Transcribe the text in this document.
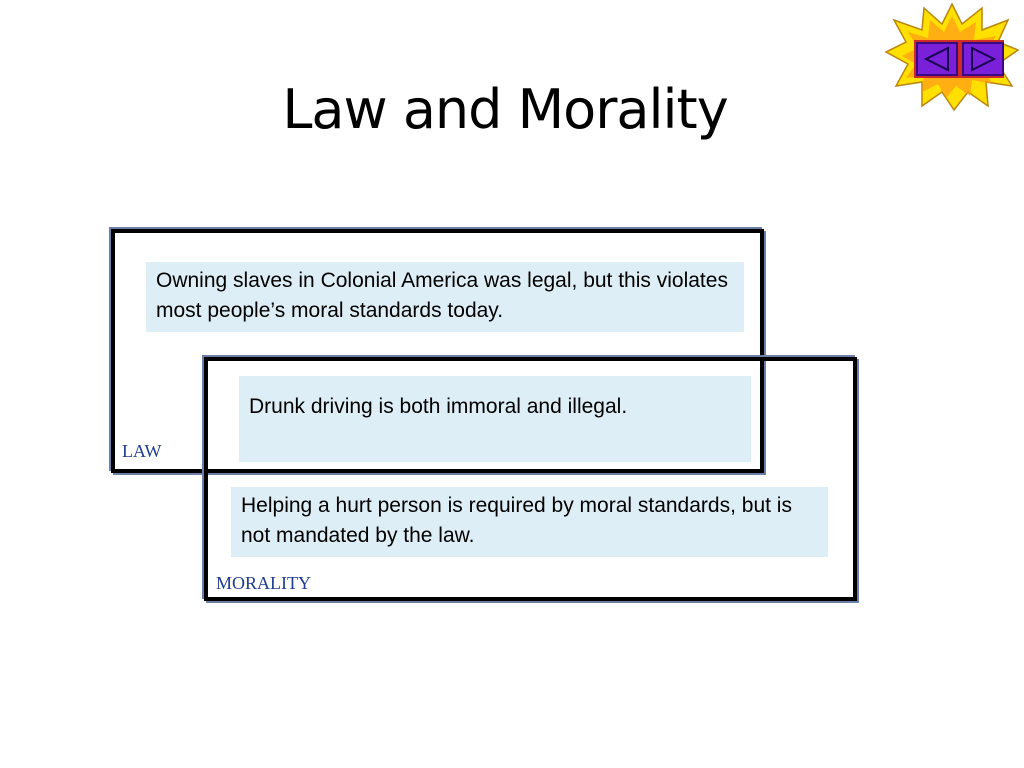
Law and Morality
Owning slaves in Colonial America was legal, but this violates most people’s moral standards today.
Drunk driving is both immoral and illegal.
Helping a hurt person is required by moral standards, but is not mandated by the law.
LAW
MORALITY
